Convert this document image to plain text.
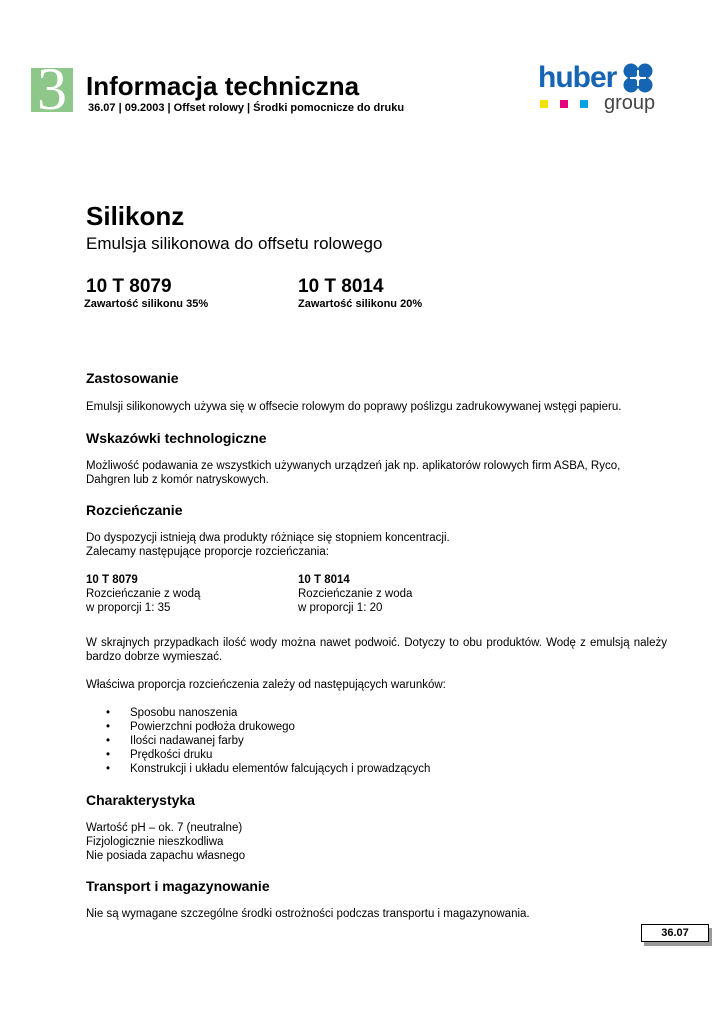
3 Informacja techniczna
36.07 | 09.2003 | Offset rolowy | Środki pomocnicze do druku
huber
group
Silikonz
Emulsja silikonowa do offsetu rolowego
10 T 8079
Zawartość silikonu 35%
10 T 8014
Zawartość silikonu 20%
Zastosowanie
Emulsji silikonowych używa się w offsecie rolowym do poprawy poślizgu zadrukowywanej wstęgi papieru.
Wskazówki technologiczne
Możliwość podawania ze wszystkich używanych urządzeń jak np. aplikatorów rolowych firm ASBA, Ryco,
Dahgren lub z komór natryskowych.
Rozcieńczanie
Do dyspozycji istnieją dwa produkty różniące się stopniem koncentracji.
Zalecamy następujące proporcje rozcieńczania:
10 T 8079
Rozcieńczanie z wodą
w proporcji 1: 35
10 T 8014
Rozcieńczanie z woda
w proporcji 1: 20
W skrajnych przypadkach ilość wody można nawet podwoić. Dotyczy to obu produktów. Wodę z emulsją należy bardzo dobrze wymieszać.
Właściwa proporcja rozcieńczenia zależy od następujących warunków:
• Sposobu nanoszenia
• Powierzchni podłoża drukowego
• Ilości nadawanej farby
• Prędkości druku
• Konstrukcji i układu elementów falcujących i prowadzących
Charakterystyka
Wartość pH – ok. 7 (neutralne)
Fizjologicznie nieszkodliwa
Nie posiada zapachu własnego
Transport i magazynowanie
Nie są wymagane szczególne środki ostrożności podczas transportu i magazynowania.
36.07
